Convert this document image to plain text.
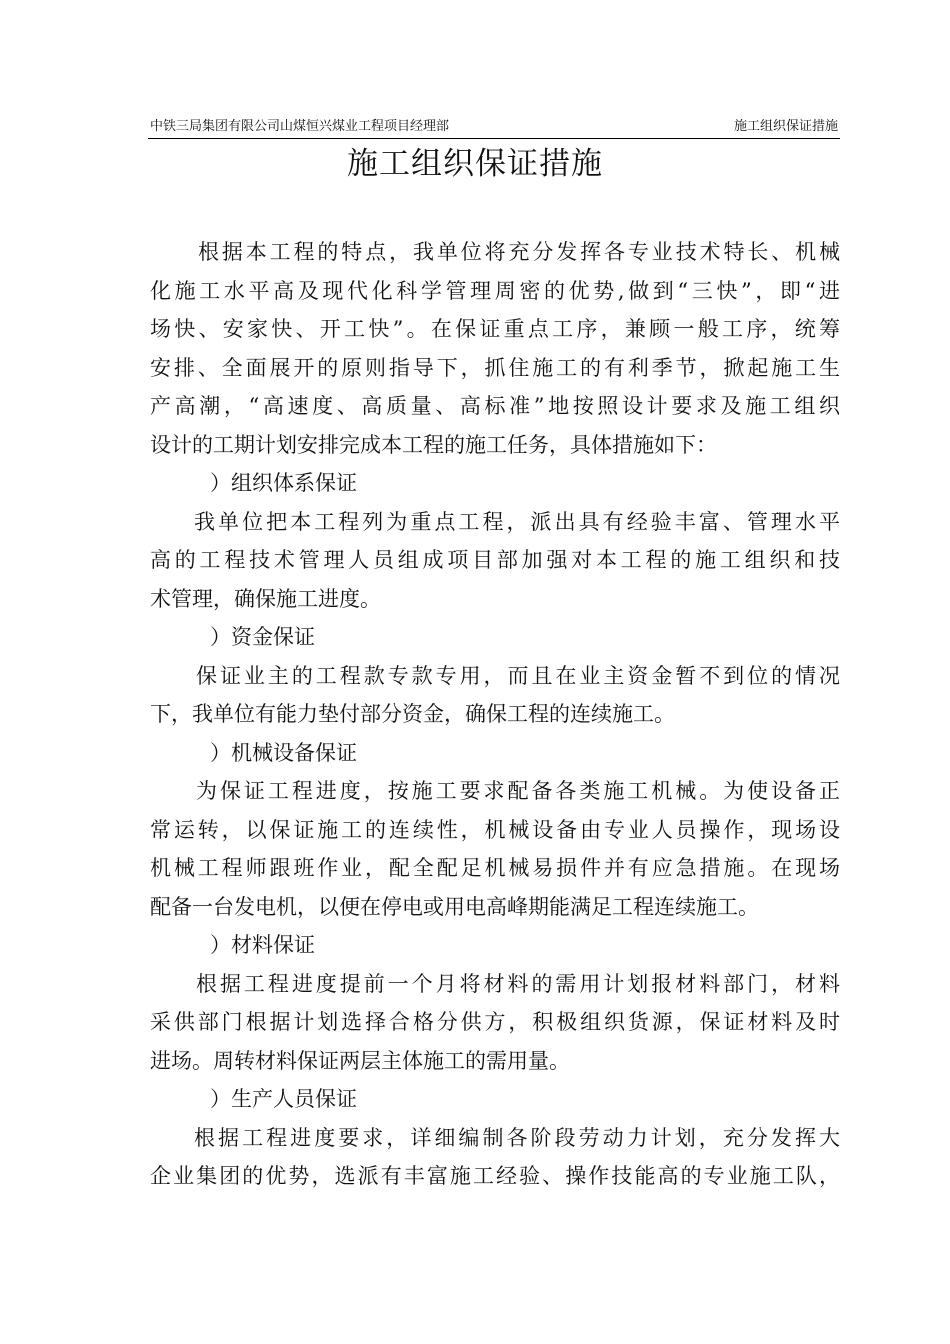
中铁三局集团有限公司山煤恒兴煤业工程项目经理部	施工组织保证措施
施工组织保证措施
根据本工程的特点，我单位将充分发挥各专业技术特长、机械
化施工水平高及现代化科学管理周密的优势,做到“三快”，即“进
场快、安家快、开工快”。在保证重点工序，兼顾一般工序，统筹
安排、全面展开的原则指导下，抓住施工的有利季节，掀起施工生
产高潮，“高速度、高质量、高标准”地按照设计要求及施工组织
设计的工期计划安排完成本工程的施工任务，具体措施如下：
）组织体系保证
我单位把本工程列为重点工程，派出具有经验丰富、管理水平
高的工程技术管理人员组成项目部加强对本工程的施工组织和技
术管理，确保施工进度。
）资金保证
保证业主的工程款专款专用，而且在业主资金暂不到位的情况
下，我单位有能力垫付部分资金，确保工程的连续施工。
）机械设备保证
为保证工程进度，按施工要求配备各类施工机械。为使设备正
常运转，以保证施工的连续性，机械设备由专业人员操作，现场设
机械工程师跟班作业，配全配足机械易损件并有应急措施。在现场
配备一台发电机，以便在停电或用电高峰期能满足工程连续施工。
）材料保证
根据工程进度提前一个月将材料的需用计划报材料部门，材料
采供部门根据计划选择合格分供方，积极组织货源，保证材料及时
进场。周转材料保证两层主体施工的需用量。
）生产人员保证
根据工程进度要求，详细编制各阶段劳动力计划，充分发挥大
企业集团的优势，选派有丰富施工经验、操作技能高的专业施工队，
